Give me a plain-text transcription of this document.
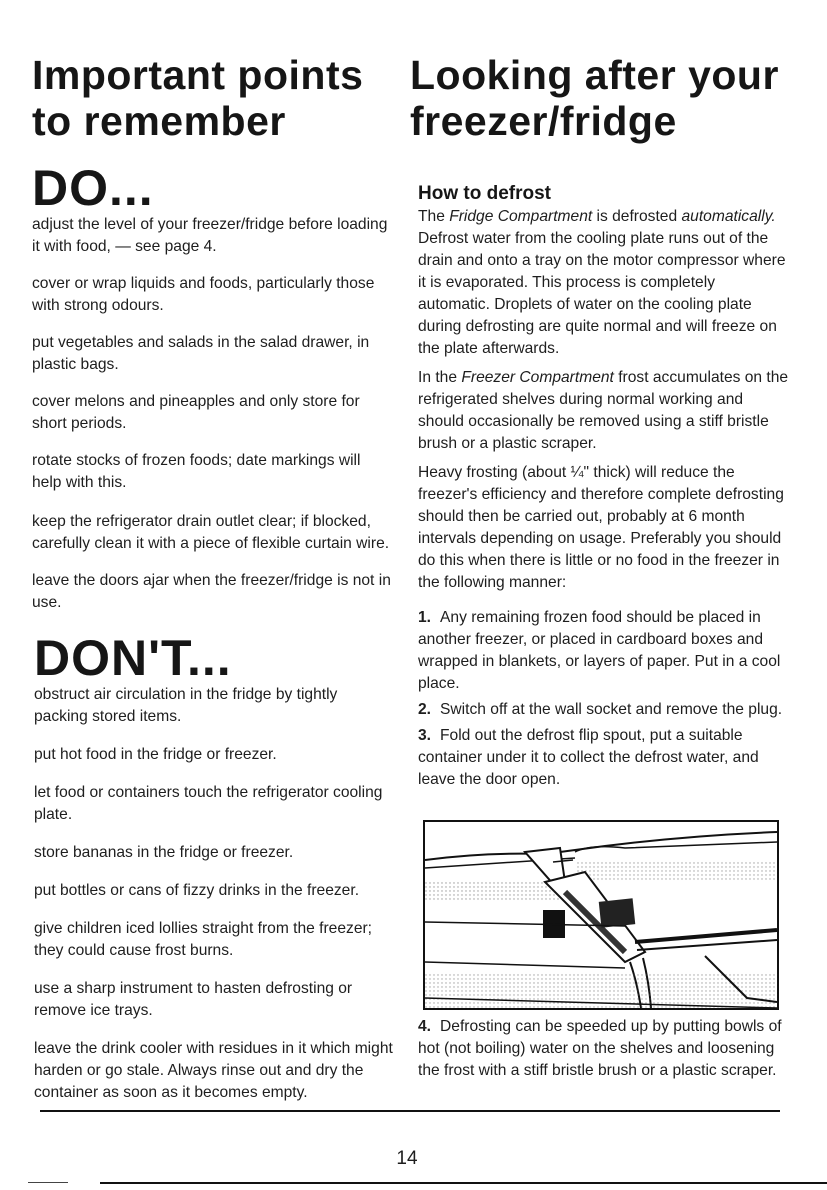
Important points to remember
DO...
adjust the level of your freezer/fridge before loading it with food, — see page 4.
cover or wrap liquids and foods, particularly those with strong odours.
put vegetables and salads in the salad drawer, in plastic bags.
cover melons and pineapples and only store for short periods.
rotate stocks of frozen foods; date markings will help with this.
keep the refrigerator drain outlet clear; if blocked, carefully clean it with a piece of flexible curtain wire.
leave the doors ajar when the freezer/fridge is not in use.
DON'T...
obstruct air circulation in the fridge by tightly packing stored items.
put hot food in the fridge or freezer.
let food or containers touch the refrigerator cooling plate.
store bananas in the fridge or freezer.
put bottles or cans of fizzy drinks in the freezer.
give children iced lollies straight from the freezer; they could cause frost burns.
use a sharp instrument to hasten defrosting or remove ice trays.
leave the drink cooler with residues in it which might harden or go stale. Always rinse out and dry the container as soon as it becomes empty.
Looking after your freezer/fridge
How to defrost

The Fridge Compartment is defrosted automatically. Defrost water from the cooling plate runs out of the drain and onto a tray on the motor compressor where it is evaporated. This process is completely automatic. Droplets of water on the cooling plate during defrosting are quite normal and will freeze on the plate afterwards.

In the Freezer Compartment frost accumulates on the refrigerated shelves during normal working and should occasionally be removed using a stiff bristle brush or a plastic scraper.

Heavy frosting (about ¼" thick) will reduce the freezer's efficiency and therefore complete defrosting should then be carried out, probably at 6 month intervals depending on usage. Preferably you should do this when there is little or no food in the freezer in the following manner:

1. Any remaining frozen food should be placed in another freezer, or placed in cardboard boxes and wrapped in blankets, or layers of paper. Put in a cool place.

2. Switch off at the wall socket and remove the plug.

3. Fold out the defrost flip spout, put a suitable container under it to collect the defrost water, and leave the door open.

4. Defrosting can be speeded up by putting bowls of hot (not boiling) water on the shelves and loosening the frost with a stiff bristle brush or a plastic scraper.

14
